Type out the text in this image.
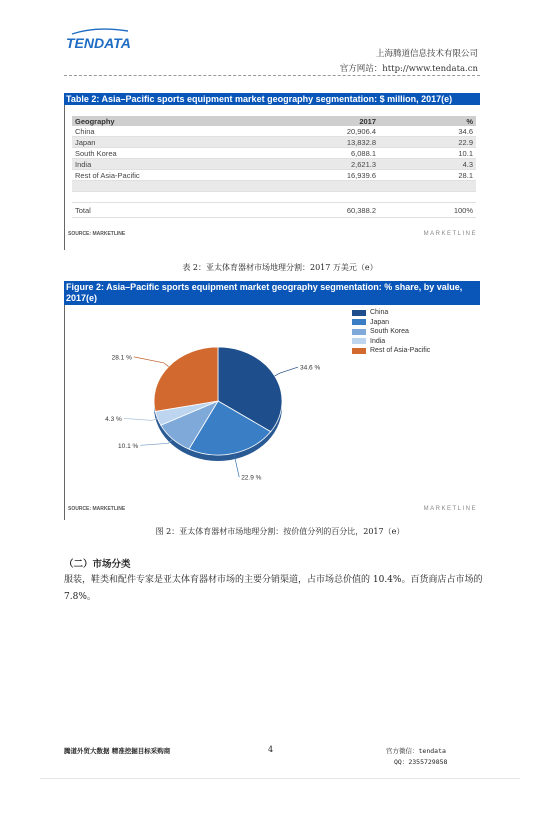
TENDATA
上海腾道信息技术有限公司
官方网站：http://www.tendata.cn
Table 2: Asia–Pacific sports equipment market geography segmentation: $ million, 2017(e)
Geography	2017	%
China	20,906.4	34.6
Japan	13,832.8	22.9
South Korea	6,088.1	10.1
India	2,621.3	4.3
Rest of Asia-Pacific	16,939.6	28.1

Total	60,388.2	100%
SOURCE: MARKETLINE	MARKETLINE
表 2：亚太体育器材市场地理分割：2017 万美元（e）
Figure 2: Asia–Pacific sports equipment market geography segmentation: % share, by value, 2017(e)
34.6 %
22.9 %
10.1 %
4.3 %
28.1 %
China
Japan
South Korea
India
Rest of Asia-Pacific
SOURCE: MARKETLINE	MARKETLINE
图 2：亚太体育器材市场地理分割：按价值分列的百分比，2017（e）
（二）市场分类
服装，鞋类和配件专家是亚太体育器材市场的主要分销渠道，占市场总价值的 10.4%。百货商店占市场的 7.8%。
腾道外贸大数据 精准挖掘目标采购商	4	官方微信：tendata
QQ：2355729858
